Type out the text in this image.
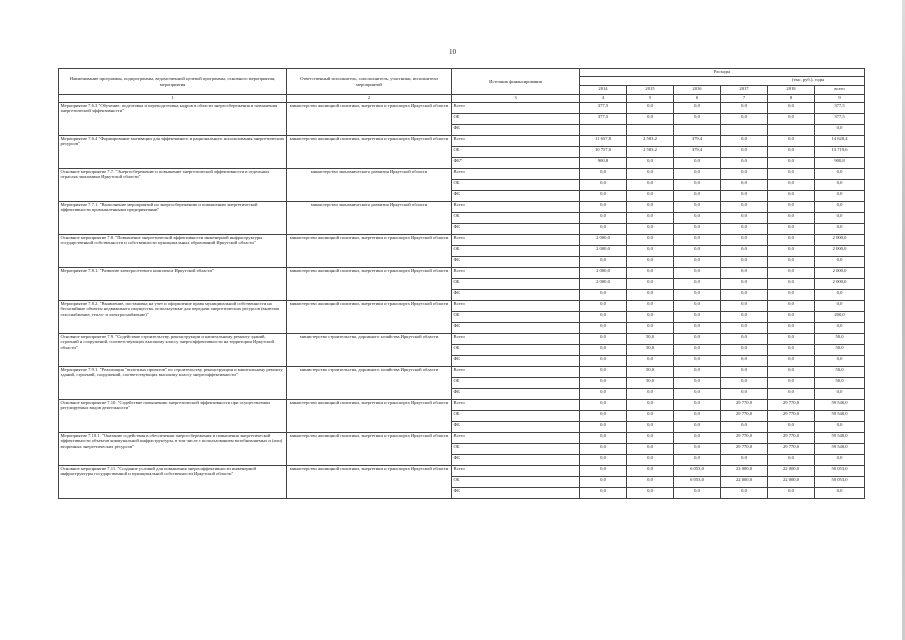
10
Наименование программы, подпрограммы, ведомственной целевой программы, основного мероприятия, мероприятия	Ответственный исполнитель, соисполнитель, участники, исполнители мероприятий	Источник финансирования	Расходы					
			(тыс. руб.), годы					
			2014	2015	2016	2017	2018	всего
1	2	3	4	5	6	7	8	9
Мероприятие 7.6.3 "Обучение, подготовка и переподготовка кадров в области энергосбережения и повышения энергетической эффективности"	министерство жилищной политики, энергетики и транспорта Иркутской области	Всего	377,5	0,0	0,0	0,0	0,0	377,5
		ОБ	377,5	0,0	0,0	0,0	0,0	377,5
		ФБ						0,0
Мероприятие 7.6.4 "Формирование мотивации для эффективного и рационального использования энергетических ресурсов"	министерство жилищной политики, энергетики и транспорта Иркутской области	Всего	11 657,8	2 583,2	379,4	0,0	0,0	14 620,4
		ОБ	10 757,0	2 583,2	379,4	0,0	0,0	13 719,6
		ФБ*	900,8	0,0	0,0	0,0	0,0	900,8
Основное мероприятие 7.7. "Энергосбережение и повышение энергетической эффективности в отдельных отраслях экономики Иркутской области"	министерство экономического развития Иркутской области	Всего	0,0	0,0	0,0	0,0	0,0	0,0
		ОБ	0,0	0,0	0,0	0,0	0,0	0,0
		ФБ	0,0	0,0	0,0	0,0	0,0	0,0
Мероприятие 7.7.1. "Выполнение мероприятий по энергосбережению и повышению энергетической эффективности промышленными предприятиями"	министерство экономического развития Иркутской области	Всего	0,0	0,0	0,0	0,0	0,0	0,0
		ОБ	0,0	0,0	0,0	0,0	0,0	0,0
		ФБ	0,0	0,0	0,0	0,0	0,0	0,0
Основное мероприятие 7.8. "Повышение энергетической эффективности инженерной инфраструктуры государственной собственности и собственности муниципальных образований Иркутской области"	министерство жилищной политики, энергетики и транспорта Иркутской области	Всего	2 000,0	0,0	0,0	0,0	0,0	2 000,0
		ОБ	2 000,0	0,0	0,0	0,0	0,0	2 000,0
		ФБ	0,0	0,0	0,0	0,0	0,0	0,0
Мероприятие 7.8.1. "Развитие электросетевого комплекса Иркутской области"	министерство жилищной политики, энергетики и транспорта Иркутской области	Всего	2 000,0	0,0	0,0	0,0	0,0	2 000,0
		ОБ	2 000,0	0,0	0,0	0,0	0,0	2 000,0
		ФБ	0,0	0,0	0,0	0,0	0,0	0,0
Мероприятие 7.8.2. "Выявление, постановка на учет и оформление права муниципальной собственности на бесхозяйные объекты недвижимого имущества, используемые для передачи энергетических ресурсов (включая газоснабжение, тепло- и электроснабжение)"	министерство жилищной политики, энергетики и транспорта Иркутской области	Всего	0,0	0,0	0,0	0,0	0,0	0,0
		ОБ	0,0	0,0	0,0	0,0	0,0	200,0
		ФБ	0,0	0,0	0,0	0,0	0,0	0,0
Основное мероприятие 7.9. "Содействие строительству, реконструкции и капитальному ремонту зданий, строений и сооружений, соответствующих высокому классу энергоэффективности на территории Иркутской области"	министерство строительства, дорожного хозяйства Иркутской области	Всего	0,0	50,0	0,0	0,0	0,0	50,0
		ОБ	0,0	50,0	0,0	0,0	0,0	50,0
		ФБ	0,0	0,0	0,0	0,0	0,0	0,0
Мероприятие 7.9.1. "Реализация "пилотных проектов" по строительству, реконструкции и капитальному ремонту зданий, строений, сооружений, соответствующих высокому классу энергоэффективности"	министерство строительства, дорожного хозяйства Иркутской области	Всего	0,0	50,0	0,0	0,0	0,0	50,0
		ОБ	0,0	50,0	0,0	0,0	0,0	50,0
		ФБ	0,0	0,0	0,0	0,0	0,0	0,0
Основное мероприятие 7.10. "Содействие повышению энергетической эффективности при осуществлении регулируемых видов деятельности"	министерство жилищной политики, энергетики и транспорта Иркутской области	Всего	0,0	0,0	0,0	29 770,0	29 770,0	59 540,0
		ОБ	0,0	0,0	0,0	29 770,0	29 770,0	59 540,0
		ФБ	0,0	0,0	0,0	0,0	0,0	0,0
Мероприятие 7.10.1. "Оказание содействия в обеспечении энергосбережения и повышения энергетической эффективности объектов коммунальной инфраструктуры, в том числе с использованием возобновляемых и (или) вторичных энергетических ресурсов"	министерство жилищной политики, энергетики и транспорта Иркутской области	Всего	0,0	0,0	0,0	29 770,0	29 770,0	59 540,0
		ОБ	0,0	0,0	0,0	29 770,0	29 770,0	59 540,0
		ФБ	0,0	0,0	0,0	0,0	0,0	0,0
Основное мероприятие 7.11. "Создание условий для повышения энергоэффективности инженерной инфраструктуры государственной и муниципальной собственности Иркутской области"	министерство жилищной политики, энергетики и транспорта Иркутской области	Всего	0,0	0,0	6 053,0	22 000,0	22 000,0	50 053,0
		ОБ	0,0	0,0	6 053,0	22 000,0	22 000,0	50 053,0
		ФБ	0,0	0,0	0,0	0,0	0,0	0,0
